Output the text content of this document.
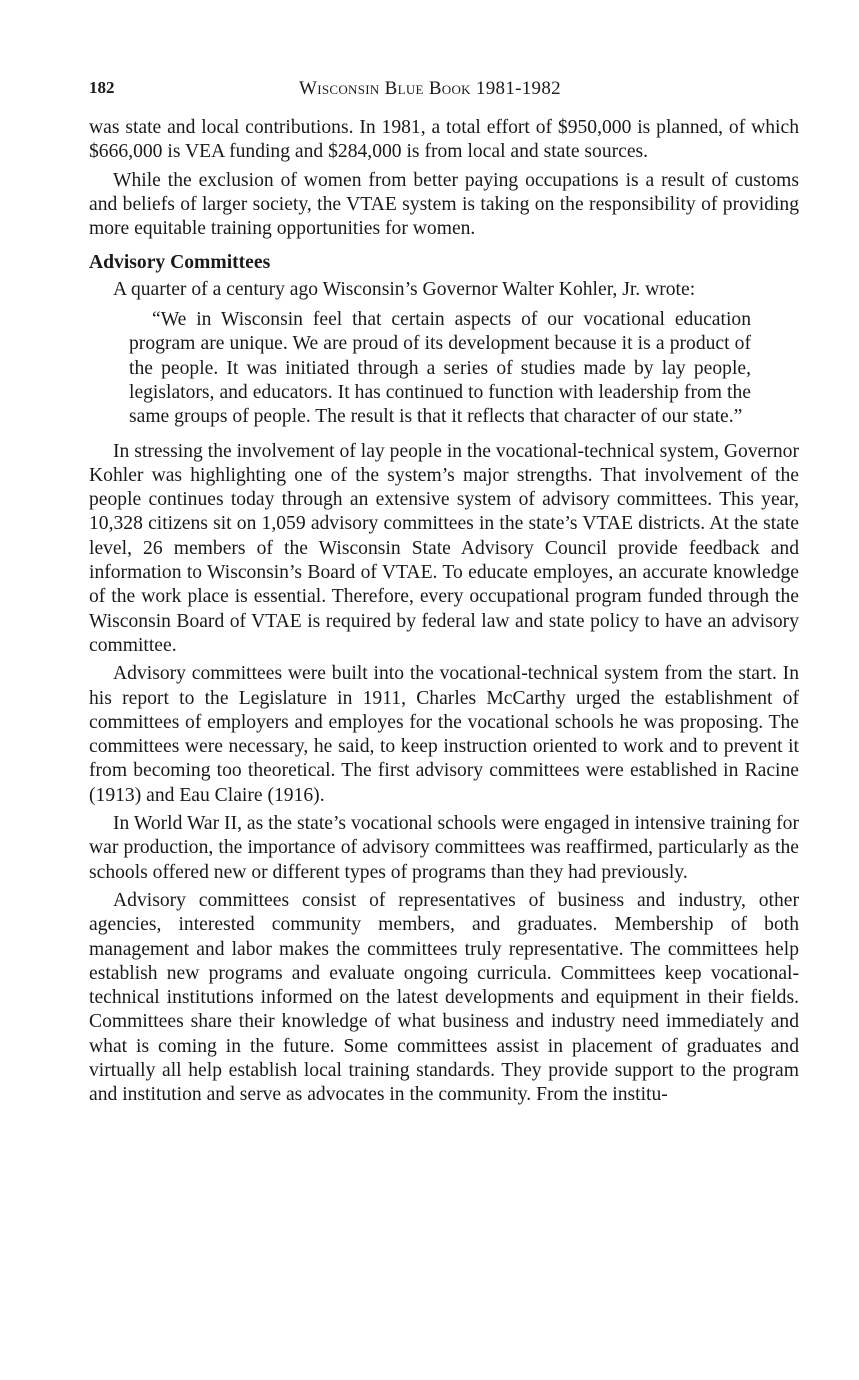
182	Wisconsin Blue Book 1981-1982

was state and local contributions. In 1981, a total effort of $950,000 is planned, of which $666,000 is VEA funding and $284,000 is from local and state sources.

While the exclusion of women from better paying occupations is a result of customs and beliefs of larger society, the VTAE system is taking on the responsibility of providing more equitable training opportunities for women.

Advisory Committees

A quarter of a century ago Wisconsin’s Governor Walter Kohler, Jr. wrote:

“We in Wisconsin feel that certain aspects of our vocational education program are unique. We are proud of its development because it is a product of the people. It was initiated through a series of studies made by lay people, legislators, and educators. It has continued to function with leadership from the same groups of people. The result is that it reflects that character of our state.”

In stressing the involvement of lay people in the vocational-technical system, Governor Kohler was highlighting one of the system’s major strengths. That involvement of the people continues today through an extensive system of advisory committees. This year, 10,328 citizens sit on 1,059 advisory committees in the state’s VTAE districts. At the state level, 26 members of the Wisconsin State Advisory Council provide feedback and information to Wisconsin’s Board of VTAE. To educate employes, an accurate knowledge of the work place is essential. Therefore, every occupational program funded through the Wisconsin Board of VTAE is required by federal law and state policy to have an advisory committee.

Advisory committees were built into the vocational-technical system from the start. In his report to the Legislature in 1911, Charles McCarthy urged the establishment of committees of employers and employes for the vocational schools he was proposing. The committees were necessary, he said, to keep instruction oriented to work and to prevent it from becoming too theoretical. The first advisory committees were established in Racine (1913) and Eau Claire (1916).

In World War II, as the state’s vocational schools were engaged in intensive training for war production, the importance of advisory committees was reaffirmed, particularly as the schools offered new or different types of programs than they had previously.

Advisory committees consist of representatives of business and industry, other agencies, interested community members, and graduates. Membership of both management and labor makes the committees truly representative. The committees help establish new programs and evaluate ongoing curricula. Committees keep vocational-technical institutions informed on the latest developments and equipment in their fields. Committees share their knowledge of what business and industry need immediately and what is coming in the future. Some committees assist in placement of graduates and virtually all help establish local training standards. They provide support to the program and institution and serve as advocates in the community. From the institu-
